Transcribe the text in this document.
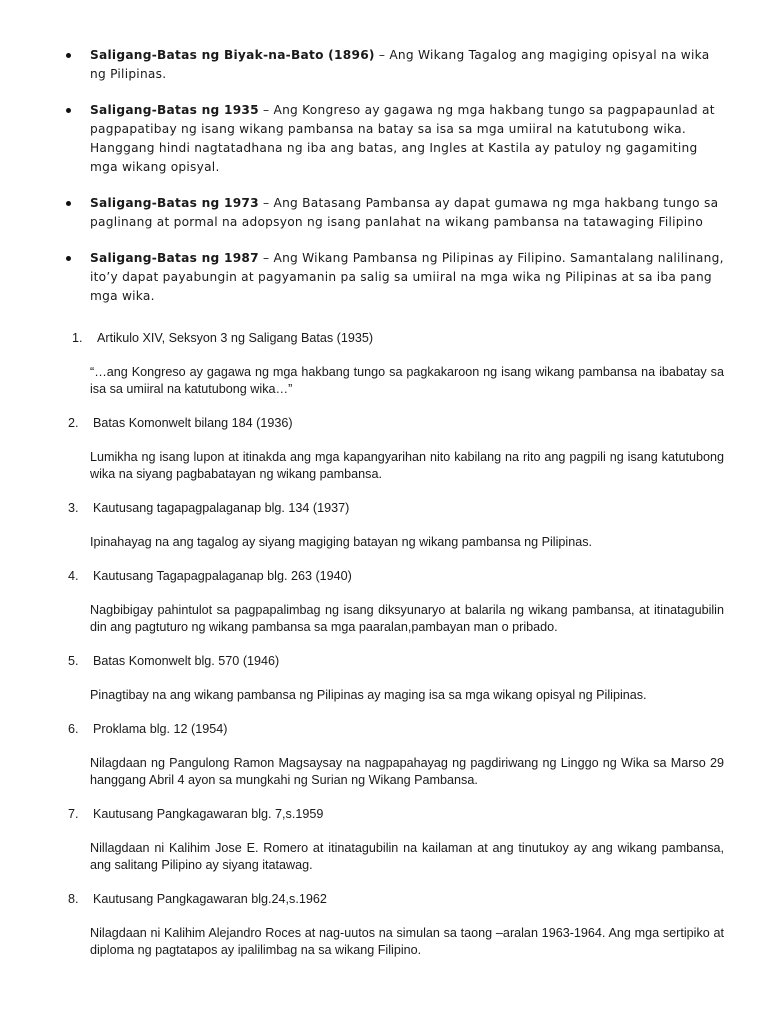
Saligang-Batas ng Biyak-na-Bato (1896) – Ang Wikang Tagalog ang magiging opisyal na wika ng Pilipinas.
Saligang-Batas ng 1935 – Ang Kongreso ay gagawa ng mga hakbang tungo sa pagpapaunlad at pagpapatibay ng isang wikang pambansa na batay sa isa sa mga umiiral na katutubong wika. Hanggang hindi nagtatadhana ng iba ang batas, ang Ingles at Kastila ay patuloy ng gagamiting mga wikang opisyal.
Saligang-Batas ng 1973 – Ang Batasang Pambansa ay dapat gumawa ng mga hakbang tungo sa paglinang at pormal na adopsyon ng isang panlahat na wikang pambansa na tatawaging Filipino
Saligang-Batas ng 1987 – Ang Wikang Pambansa ng Pilipinas ay Filipino. Samantalang nalilinang, ito’y dapat payabungin at pagyamanin pa salig sa umiiral na mga wika ng Pilipinas at sa iba pang mga wika.
1. Artikulo XIV, Seksyon 3 ng Saligang Batas (1935)
“…ang Kongreso ay gagawa ng mga hakbang tungo sa pagkakaroon ng isang wikang pambansa na ibabatay sa isa sa umiiral na katutubong wika…”
2. Batas Komonwelt bilang 184 (1936)
Lumikha ng isang lupon at itinakda ang mga kapangyarihan nito kabilang na rito ang pagpili ng isang katutubong wika na siyang pagbabatayan ng wikang pambansa.
3. Kautusang tagapagpalaganap blg. 134 (1937)
Ipinahayag na ang tagalog ay siyang magiging batayan ng wikang pambansa ng Pilipinas.
4. Kautusang Tagapagpalaganap blg. 263 (1940)
Nagbibigay pahintulot sa pagpapalimbag ng isang diksyunaryo at balarila ng wikang pambansa, at itinatagubilin din ang pagtuturo ng wikang pambansa sa mga paaralan,pambayan man o pribado.
5. Batas Komonwelt blg. 570 (1946)
Pinagtibay na ang wikang pambansa ng Pilipinas ay maging isa sa mga wikang opisyal ng Pilipinas.
6. Proklama blg. 12 (1954)
Nilagdaan ng Pangulong Ramon Magsaysay na nagpapahayag ng pagdiriwang ng Linggo ng Wika sa Marso 29 hanggang Abril 4 ayon sa mungkahi ng Surian ng Wikang Pambansa.
7. Kautusang Pangkagawaran blg. 7,s.1959
Nillagdaan ni Kalihim Jose E. Romero at itinatagubilin na kailaman at ang tinutukoy ay ang wikang pambansa, ang salitang Pilipino ay siyang itatawag.
8. Kautusang Pangkagawaran blg.24,s.1962
Nilagdaan ni Kalihim Alejandro Roces at nag-uutos na simulan sa taong –aralan 1963-1964. Ang mga sertipiko at diploma ng pagtatapos ay ipalilimbag na sa wikang Filipino.
